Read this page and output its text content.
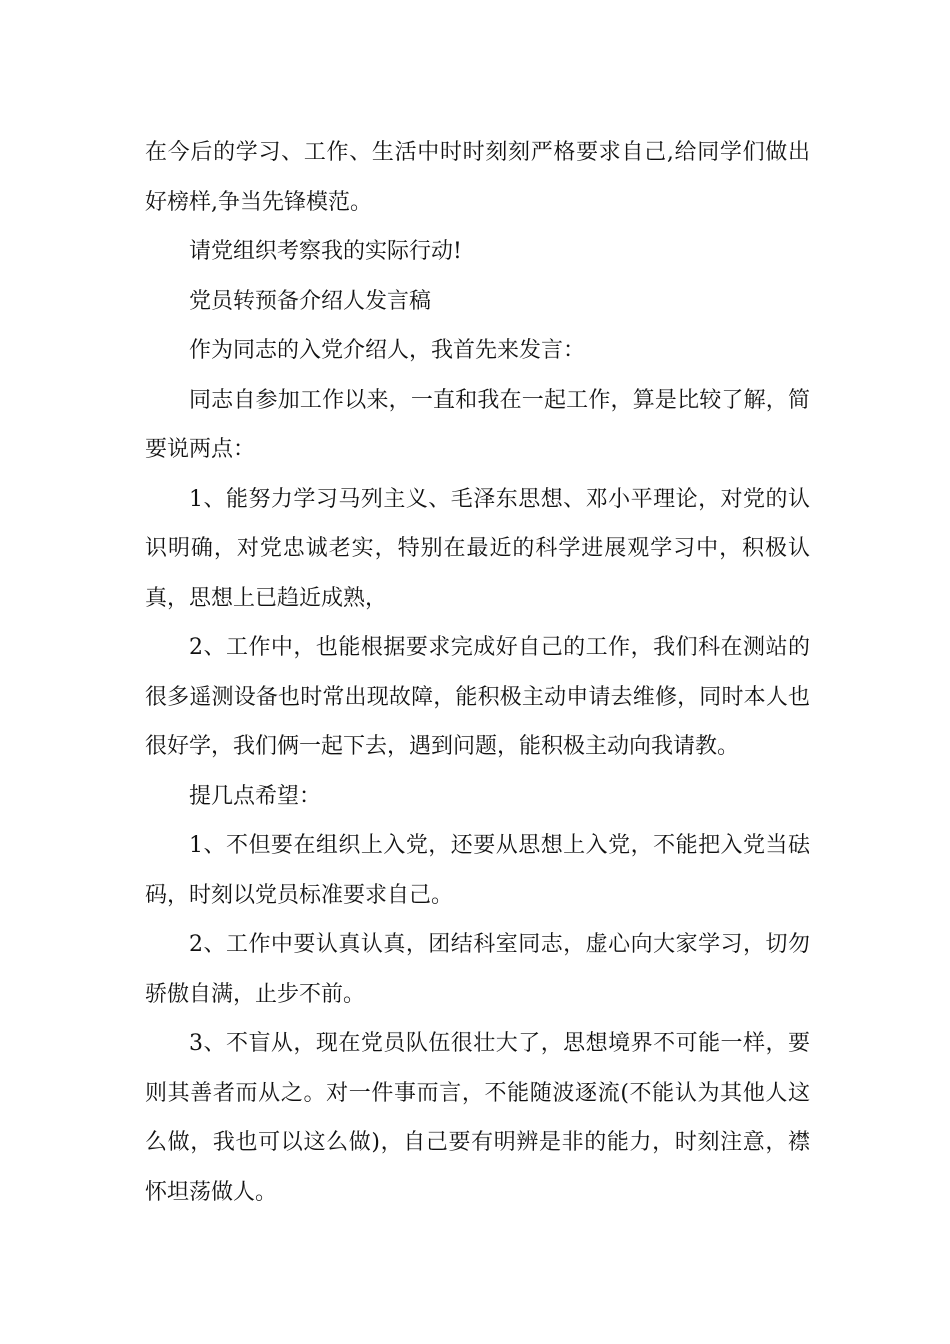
在今后的学习、工作、生活中时时刻刻严格要求自己,给同学们做出好榜样,争当先锋模范。

请党组织考察我的实际行动!

党员转预备介绍人发言稿

作为同志的入党介绍人，我首先来发言：

同志自参加工作以来，一直和我在一起工作，算是比较了解，简要说两点：

1、能努力学习马列主义、毛泽东思想、邓小平理论，对党的认识明确，对党忠诚老实，特别在最近的科学进展观学习中，积极认真，思想上已趋近成熟，

2、工作中，也能根据要求完成好自己的工作，我们科在测站的很多遥测设备也时常出现故障，能积极主动申请去维修，同时本人也很好学，我们俩一起下去，遇到问题，能积极主动向我请教。

提几点希望：

1、不但要在组织上入党，还要从思想上入党，不能把入党当砝码，时刻以党员标准要求自己。

2、工作中要认真认真，团结科室同志，虚心向大家学习，切勿骄傲自满，止步不前。

3、不盲从，现在党员队伍很壮大了，思想境界不可能一样，要则其善者而从之。对一件事而言，不能随波逐流(不能认为其他人这么做，我也可以这么做)，自己要有明辨是非的能力，时刻注意，襟怀坦荡做人。
